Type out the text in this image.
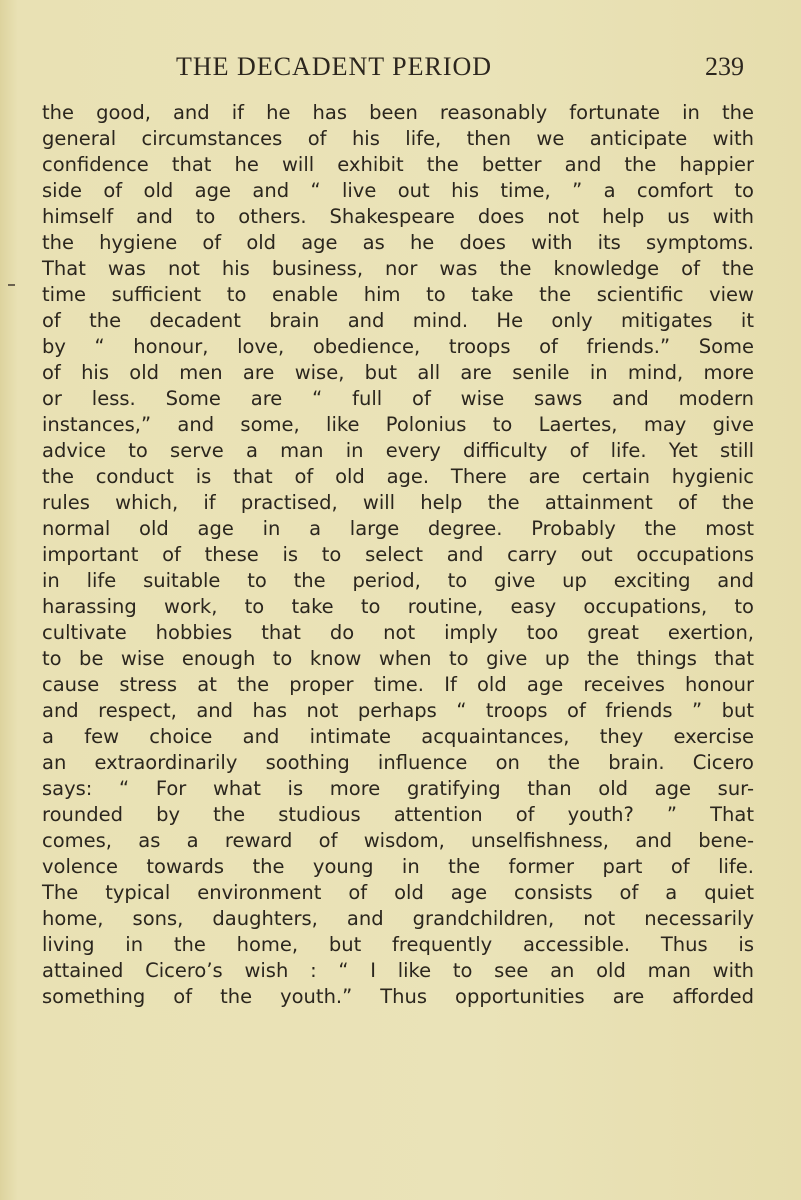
THE DECADENT PERIOD	239
the good, and if he has been reasonably fortunate in the
general circumstances of his life, then we anticipate with
confidence that he will exhibit the better and the happier
side of old age and “ live out his time, ” a comfort to
himself and to others. Shakespeare does not help us with
the hygiene of old age as he does with its symptoms.
That was not his business, nor was the knowledge of the
time sufficient to enable him to take the scientific view
of the decadent brain and mind. He only mitigates it
by “ honour, love, obedience, troops of friends.” Some
of his old men are wise, but all are senile in mind, more
or less. Some are “ full of wise saws and modern
instances,” and some, like Polonius to Laertes, may give
advice to serve a man in every difficulty of life. Yet still
the conduct is that of old age. There are certain hygienic
rules which, if practised, will help the attainment of the
normal old age in a large degree. Probably the most
important of these is to select and carry out occupations
in life suitable to the period, to give up exciting and
harassing work, to take to routine, easy occupations, to
cultivate hobbies that do not imply too great exertion,
to be wise enough to know when to give up the things that
cause stress at the proper time. If old age receives honour
and respect, and has not perhaps “ troops of friends ” but
a few choice and intimate acquaintances, they exercise
an extraordinarily soothing influence on the brain. Cicero
says: “ For what is more gratifying than old age sur-
rounded by the studious attention of youth? ” That
comes, as a reward of wisdom, unselfishness, and bene-
volence towards the young in the former part of life.
The typical environment of old age consists of a quiet
home, sons, daughters, and grandchildren, not necessarily
living in the home, but frequently accessible. Thus is
attained Cicero’s wish : “ I like to see an old man with
something of the youth.” Thus opportunities are afforded
